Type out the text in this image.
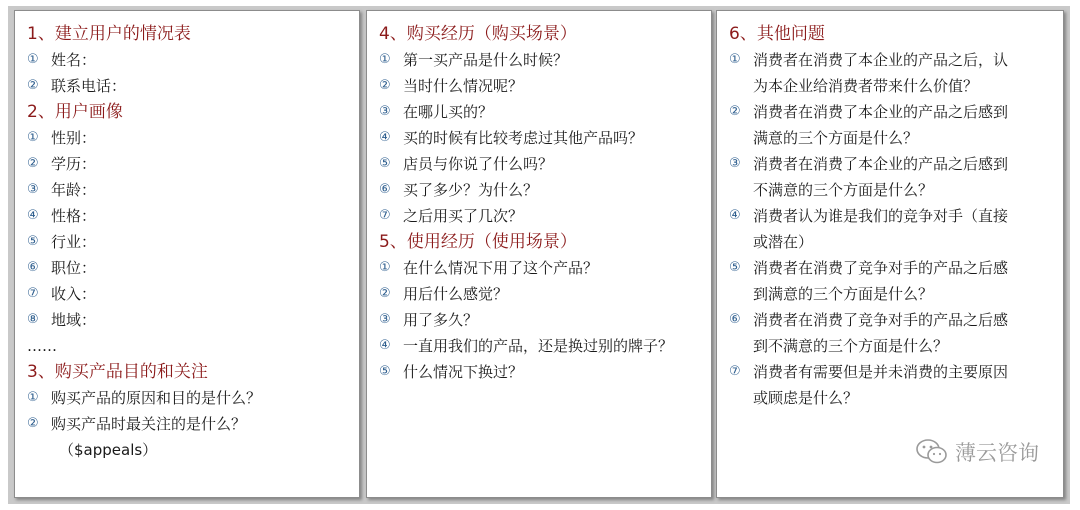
1、建立用户的情况表
① 姓名：
② 联系电话：
2、用户画像
① 性别：
② 学历：
③ 年龄：
④ 性格：
⑤ 行业：
⑥ 职位：
⑦ 收入：
⑧ 地域：
……
3、购买产品目的和关注
① 购买产品的原因和目的是什么？
② 购买产品时最关注的是什么？
（$appeals）
4、购买经历（购买场景）
① 第一买产品是什么时候？
② 当时什么情况呢？
③ 在哪儿买的？
④ 买的时候有比较考虑过其他产品吗？
⑤ 店员与你说了什么吗？
⑥ 买了多少？为什么？
⑦ 之后用买了几次？
5、使用经历（使用场景）
① 在什么情况下用了这个产品？
② 用后什么感觉？
③ 用了多久？
④ 一直用我们的产品，还是换过别的牌子？
⑤ 什么情况下换过？
6、其他问题
① 消费者在消费了本企业的产品之后，认
为本企业给消费者带来什么价值？
② 消费者在消费了本企业的产品之后感到
满意的三个方面是什么？
③ 消费者在消费了本企业的产品之后感到
不满意的三个方面是什么？
④ 消费者认为谁是我们的竞争对手（直接
或潜在）
⑤ 消费者在消费了竞争对手的产品之后感
到满意的三个方面是什么？
⑥ 消费者在消费了竞争对手的产品之后感
到不满意的三个方面是什么？
⑦ 消费者有需要但是并未消费的主要原因
或顾虑是什么？
薄云咨询
